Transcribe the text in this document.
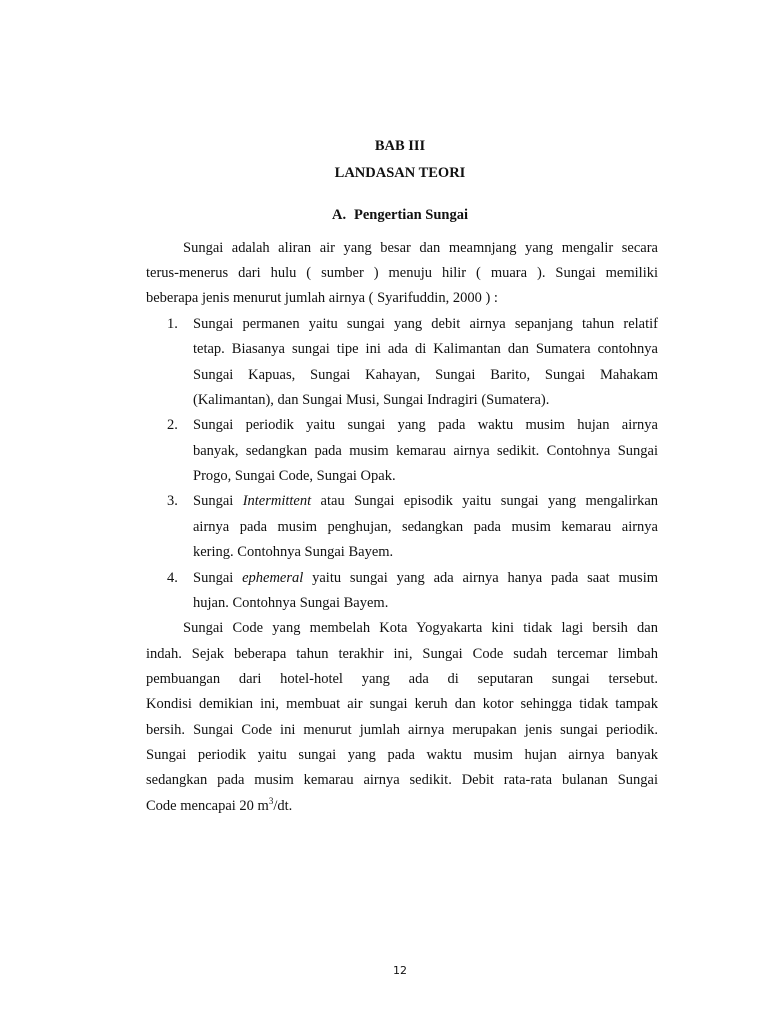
BAB III
LANDASAN TEORI
A. Pengertian Sungai
Sungai adalah aliran air yang besar dan meamnjang yang mengalir secara
terus-menerus dari hulu ( sumber ) menuju hilir ( muara ). Sungai memiliki
beberapa jenis menurut jumlah airnya ( Syarifuddin, 2000 ) :
1. Sungai permanen yaitu sungai yang debit airnya sepanjang tahun relatif
tetap. Biasanya sungai tipe ini ada di Kalimantan dan Sumatera contohnya
Sungai Kapuas, Sungai Kahayan, Sungai Barito, Sungai Mahakam
(Kalimantan), dan Sungai Musi, Sungai Indragiri (Sumatera).
2. Sungai periodik yaitu sungai yang pada waktu musim hujan airnya
banyak, sedangkan pada musim kemarau airnya sedikit. Contohnya Sungai
Progo, Sungai Code, Sungai Opak.
3. Sungai Intermittent atau Sungai episodik yaitu sungai yang mengalirkan
airnya pada musim penghujan, sedangkan pada musim kemarau airnya
kering. Contohnya Sungai Bayem.
4. Sungai ephemeral yaitu sungai yang ada airnya hanya pada saat musim
hujan. Contohnya Sungai Bayem.
Sungai Code yang membelah Kota Yogyakarta kini tidak lagi bersih dan
indah. Sejak beberapa tahun terakhir ini, Sungai Code sudah tercemar limbah
pembuangan dari hotel-hotel yang ada di seputaran sungai tersebut.
Kondisi demikian ini, membuat air sungai keruh dan kotor sehingga tidak tampak
bersih. Sungai Code ini menurut jumlah airnya merupakan jenis sungai periodik.
Sungai periodik yaitu sungai yang pada waktu musim hujan airnya banyak
sedangkan pada musim kemarau airnya sedikit. Debit rata-rata bulanan Sungai
Code mencapai 20 $m^3/dt$.
12
